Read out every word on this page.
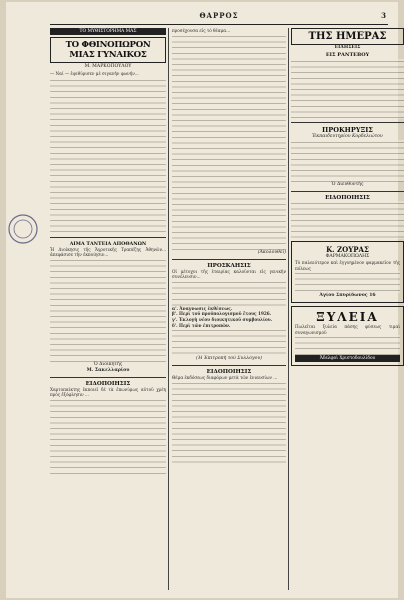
ΘΑΡΡΟΣ	3
ΤΟ ΜΥΘΙΣΤΟΡΗΜΑ ΜΑΣ
ΤΟ ΦΘΙΝΟΠΩΡΟΝ ΜΙΑΣ ΓΥΝΑΙΚΟΣ
Μ. ΜΑΡΚΟΠΟΥΛΟΥ
— Ναί — ἐψιθύρισεν μὲ σιγανὴν φωνήν...
ΑΙΜΑ ΤΑΝΤΕΙΑ ΑΠΟΘΑΝΩΝ
Ἡ Διοίκησις τῆς Ἀγροτικῆς Τραπέζης Ἀθηνῶν... ἀπεφάσισε τὴν ἐκποίησιν...
Ὁ Διοικητὴς
Μ. Σακελλαρίου
ΕΙΔΟΠΟΙΗΣΙΣ
Χαρτοπαίκτης ἐκποιεῖ δὲ τὰ ἐπωνύμως αὐτοῦ χρέη πρὸς ἐξόφλησιν ...
προσέχουσα εἰς τὸ θέαμα...
(Ἀκολουθεῖ)
ΠΡΟΣΚΛΗΣΙΣ
Οἱ μέτοχοι τῆς ἑταιρίας καλοῦνται εἰς γενικὴν συνέλευσιν...
α'. Ἀναγνωσις ἐκθέσεως.
β'. Περὶ τοῦ προϋπολογισμοῦ ἔτους 1926.
γ'. Ἐκλογὴ νέου διοικητικοῦ συμβουλίου.
δ'. Περὶ τῶν ἐπιτροπῶν.
(Ἡ Ἐπιτροπὴ τοῦ Συλλόγου)
ΕΙΔΟΠΟΙΗΣΙΣ
Θέμα ἐκδόσεως διαφόρων μετὰ τῶν ἐνιαυσίων ...
ΤΗΣ ΗΜΕΡΑΣ
ΕΙΔΗΣΕΙΣ
ΕΙΣ ΡΑΝΤΕΒΟΥ
ΠΡΟΚΗΡΥΞΙΣ
Ἐκπαιδευτηρίου Κορδελιώτου
Ὁ Διευθυντὴς
ΕΙΔΟΠΟΙΗΣΙΣ
Κ. ΖΟΥΡΑΣ
ΦΑΡΜΑΚΟΠΩΛΗΣ
Τὸ παλαιότερον καὶ ἐγγυημένον φαρμακεῖον τῆς πόλεως
Ἀγίου Σπυρίδωνος 16
ΞΥΛΕΙΑ
Πωλεῖται ξυλεία πάσης φύσεως τιμαὶ συναγωνισμοῦ
Ἀδελφοὶ Χριστοδουλίδου
